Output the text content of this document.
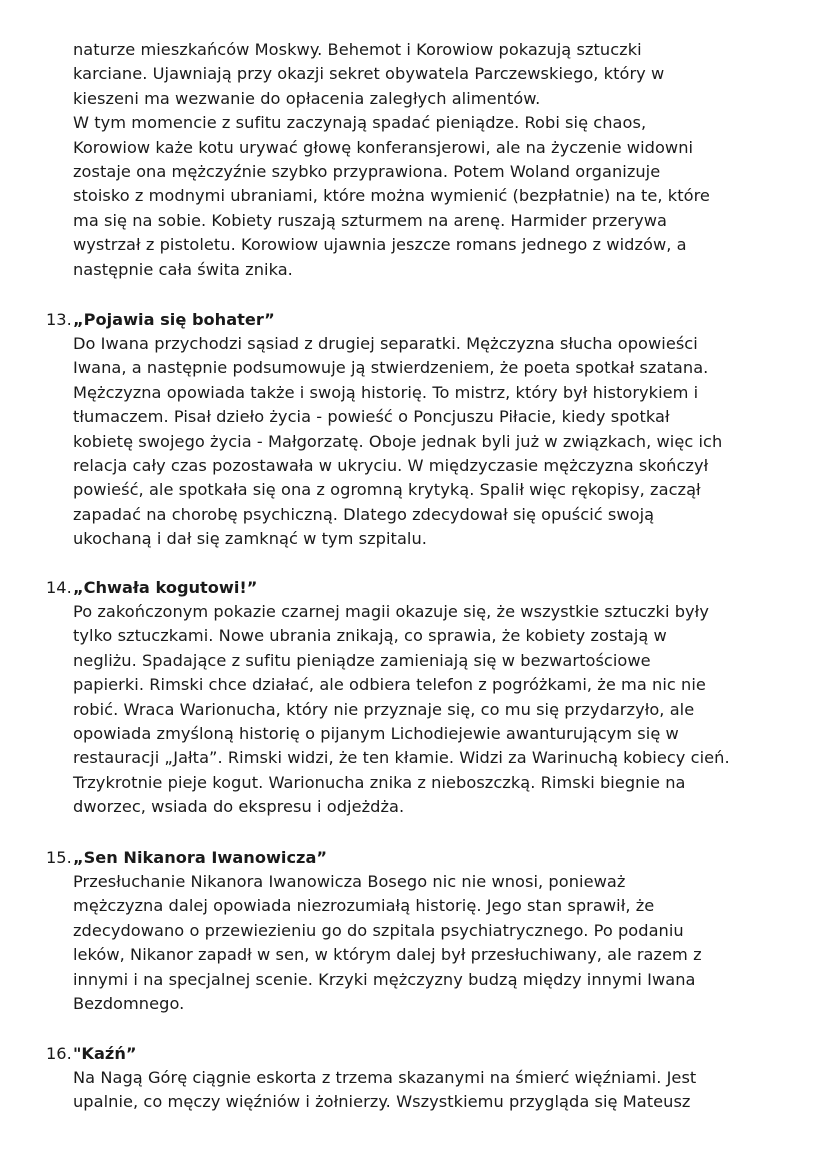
naturze mieszkańców Moskwy. Behemot i Korowiow pokazują sztuczki
karciane. Ujawniają przy okazji sekret obywatela Parczewskiego, który w
kieszeni ma wezwanie do opłacenia zaległych alimentów.
W tym momencie z sufitu zaczynają spadać pieniądze. Robi się chaos,
Korowiow każe kotu urywać głowę konferansjerowi, ale na życzenie widowni
zostaje ona mężczyźnie szybko przyprawiona. Potem Woland organizuje
stoisko z modnymi ubraniami, które można wymienić (bezpłatnie) na te, które
ma się na sobie. Kobiety ruszają szturmem na arenę. Harmider przerywa
wystrzał z pistoletu. Korowiow ujawnia jeszcze romans jednego z widzów, a
następnie cała świta znika.
13.„Pojawia się bohater”
Do Iwana przychodzi sąsiad z drugiej separatki. Mężczyzna słucha opowieści
Iwana, a następnie podsumowuje ją stwierdzeniem, że poeta spotkał szatana.
Mężczyzna opowiada także i swoją historię. To mistrz, który był historykiem i
tłumaczem. Pisał dzieło życia - powieść o Poncjuszu Piłacie, kiedy spotkał
kobietę swojego życia - Małgorzatę. Oboje jednak byli już w związkach, więc ich
relacja cały czas pozostawała w ukryciu. W międzyczasie mężczyzna skończył
powieść, ale spotkała się ona z ogromną krytyką. Spalił więc rękopisy, zaczął
zapadać na chorobę psychiczną. Dlatego zdecydował się opuścić swoją
ukochaną i dał się zamknąć w tym szpitalu.
14.„Chwała kogutowi!”
Po zakończonym pokazie czarnej magii okazuje się, że wszystkie sztuczki były
tylko sztuczkami. Nowe ubrania znikają, co sprawia, że kobiety zostają w
negliżu. Spadające z sufitu pieniądze zamieniają się w bezwartościowe
papierki. Rimski chce działać, ale odbiera telefon z pogróżkami, że ma nic nie
robić. Wraca Warionucha, który nie przyznaje się, co mu się przydarzyło, ale
opowiada zmyśloną historię o pijanym Lichodiejewie awanturującym się w
restauracji „Jałta”. Rimski widzi, że ten kłamie. Widzi za Warinuchą kobiecy cień.
Trzykrotnie pieje kogut. Warionucha znika z nieboszczką. Rimski biegnie na
dworzec, wsiada do ekspresu i odjeżdża.
15.„Sen Nikanora Iwanowicza”
Przesłuchanie Nikanora Iwanowicza Bosego nic nie wnosi, ponieważ
mężczyzna dalej opowiada niezrozumiałą historię. Jego stan sprawił, że
zdecydowano o przewiezieniu go do szpitala psychiatrycznego. Po podaniu
leków, Nikanor zapadł w sen, w którym dalej był przesłuchiwany, ale razem z
innymi i na specjalnej scenie. Krzyki mężczyzny budzą między innymi Iwana
Bezdomnego.
16."Kaźń”
Na Nagą Górę ciągnie eskorta z trzema skazanymi na śmierć więźniami. Jest
upalnie, co męczy więźniów i żołnierzy. Wszystkiemu przygląda się Mateusz
